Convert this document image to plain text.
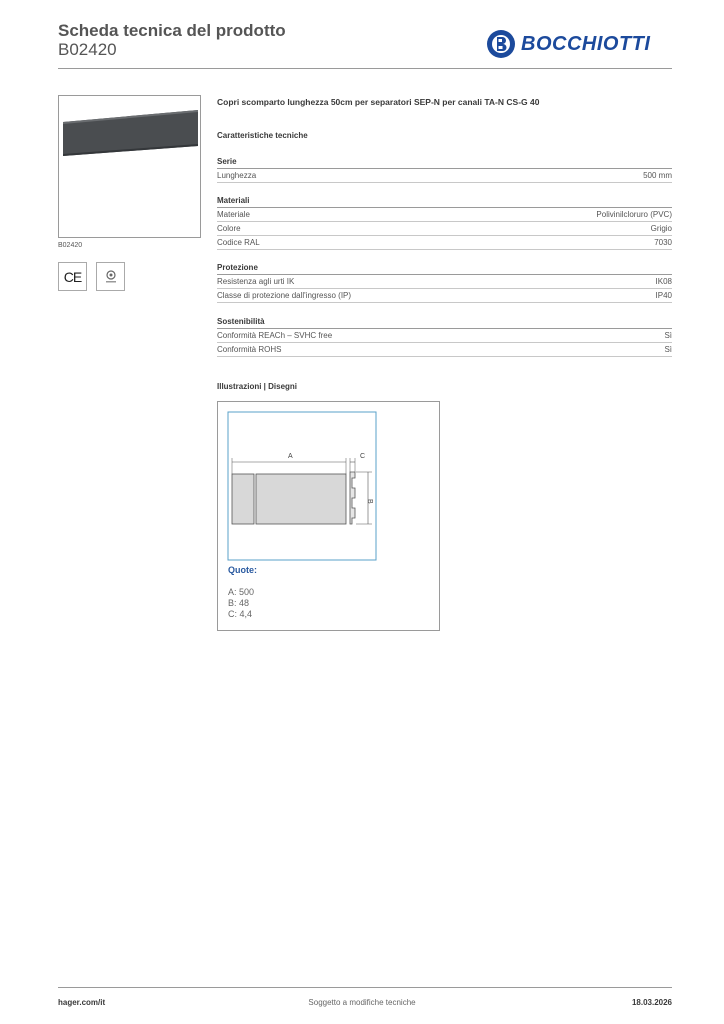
Scheda tecnica del prodotto
B02420	BOCCHIOTTI
B02420
CE
Copri scomparto lunghezza 50cm per separatori SEP-N per canali TA-N CS-G 40
Caratteristiche tecniche
Serie
Lunghezza	500 mm
Materiali
Materiale	Polivinilcloruro (PVC)
Colore	Grigio
Codice RAL	7030
Protezione
Resistenza agli urti IK	IK08
Classe di protezione dall'ingresso (IP)	IP40
Sostenibilità
Conformità REACh – SVHC free	Sì
Conformità ROHS	Sì
Illustrazioni | Disegni
A	C
B
Quote:
A: 500
B: 48
C: 4,4
hager.com/it	Soggetto a modifiche tecniche	18.03.2026
